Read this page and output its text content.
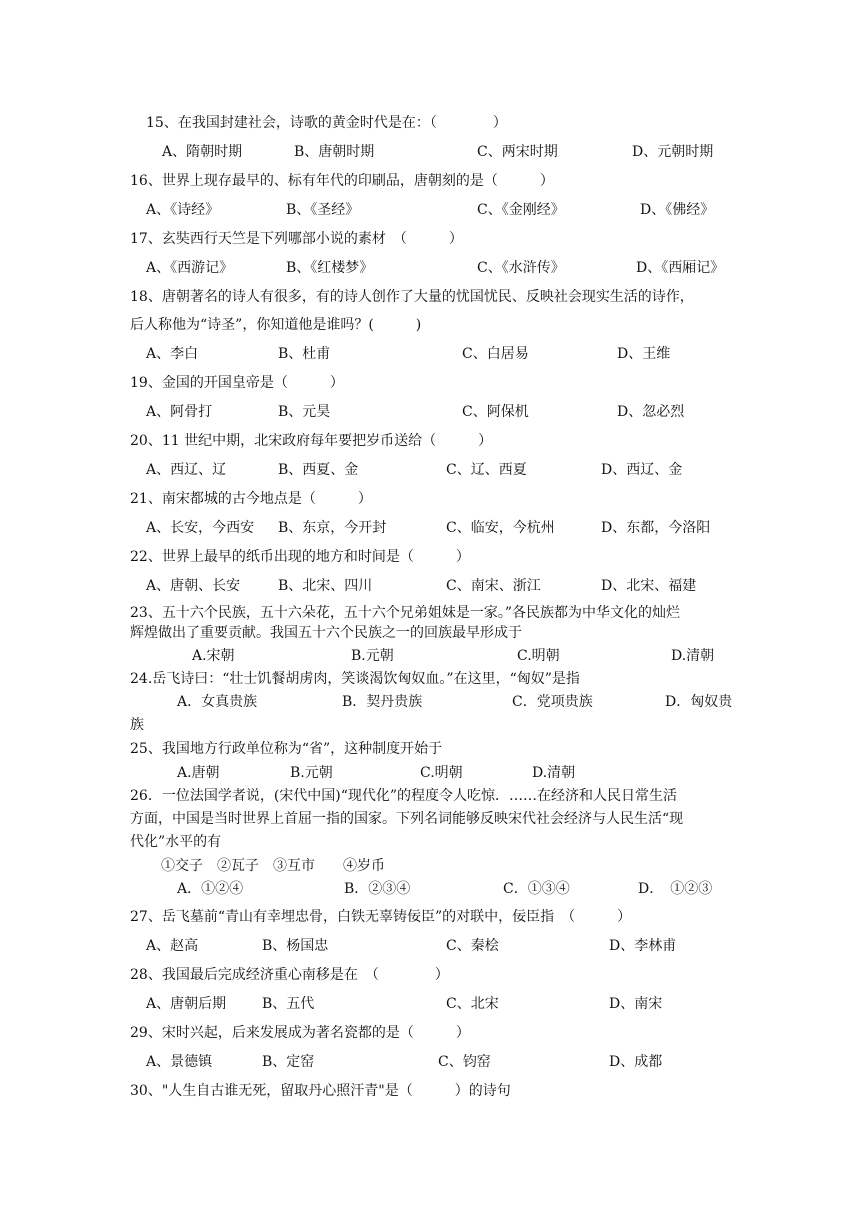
15、在我国封建社会，诗歌的黄金时代是在：（　　　　）
A、隋朝时期	B、唐朝时期	C、两宋时期	D、元朝时期
16、世界上现存最早的、标有年代的印刷品，唐朝刻的是（　　　）
A、《诗经》	B、《圣经》	C、《金刚经》	D、《佛经》
17、玄奘西行天竺是下列哪部小说的素材　（　　　）
A、《西游记》	B、《红楼梦》	C、《水浒传》	D、《西厢记》
18、唐朝著名的诗人有很多，有的诗人创作了大量的忧国忧民、反映社会现实生活的诗作，
后人称他为“诗圣”，你知道他是谁吗？(　　　)
A、李白	B、杜甫	C、白居易	D、王维
19、金国的开国皇帝是（　　　）
A、阿骨打	B、元昊	C、阿保机	D、忽必烈
20、11 世纪中期，北宋政府每年要把岁币送给（　　　）
A、西辽、辽	B、西夏、金	C、辽、西夏	D、西辽、金
21、南宋都城的古今地点是（　　　）
A、长安，今西安 B、东京，今开封	C、临安，今杭州	D、东都，今洛阳
22、世界上最早的纸币出现的地方和时间是（　　　）
A、唐朝、长安	B、北宋、四川	C、南宋、浙江	D、北宋、福建
23、五十六个民族，五十六朵花，五十六个兄弟姐妹是一家。”各民族都为中华文化的灿烂
辉煌做出了重要贡献。我国五十六个民族之一的回族最早形成于
A.宋朝	B.元朝	C.明朝	D.清朝
24.岳飞诗曰：“壮士饥餐胡虏肉，笑谈渴饮匈奴血。”在这里，“匈奴”是指
A．女真贵族	B．契丹贵族	C．党项贵族	D．匈奴贵
族
25、我国地方行政单位称为“省”，这种制度开始于
A.唐朝	B.元朝	C.明朝	D.清朝
26．一位法国学者说，(宋代中国)“现代化”的程度令人吃惊．……在经济和人民日常生活
方面，中国是当时世界上首屈一指的国家。下列名词能够反映宋代社会经济与人民生活“现
代化”水平的有
①交子　②瓦子　③互市　　④岁币
A．①②④	B．②③④	C．①③④	D．　①②③
27、岳飞墓前“青山有幸埋忠骨，白铁无辜铸佞臣”的对联中，佞臣指　（　　　）
A、赵高	B、杨国忠	C、秦桧	D、李林甫
28、我国最后完成经济重心南移是在　（　　　　）
A、唐朝后期	B、五代	C、北宋	D、南宋
29、宋时兴起，后来发展成为著名瓷都的是（　　　）
A、景德镇	B、定窑	C、钧窑	D、成都
30、"人生自古谁无死，留取丹心照汗青"是（　　　）的诗句
